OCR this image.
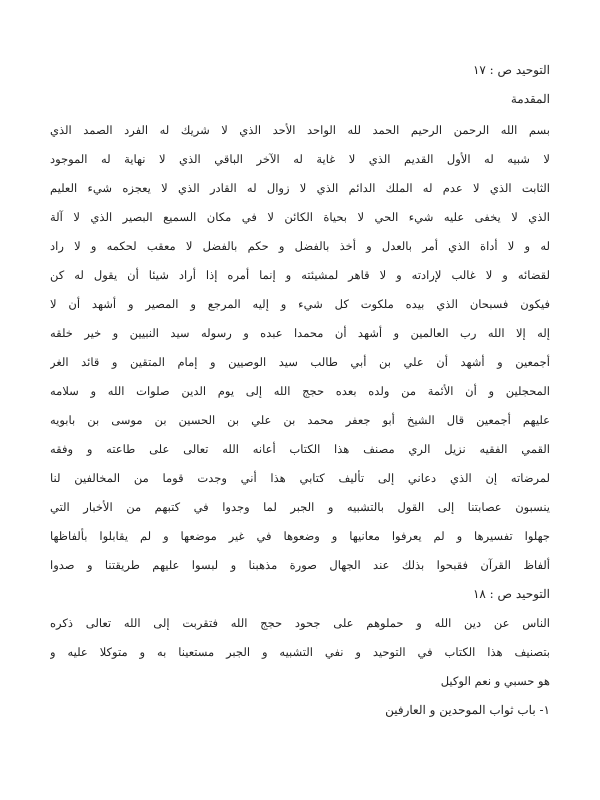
التوحيد ص : ١٧
المقدمة
بسم الله الرحمن الرحيم الحمد لله الواحد الأحد الذي لا شريك له الفرد الصمد الذي
لا شبيه له الأول القديم الذي لا غاية له الآخر الباقي الذي لا نهاية له الموجود
الثابت الذي لا عدم له الملك الدائم الذي لا زوال له القادر الذي لا يعجزه شيء العليم
الذي لا يخفى عليه شيء الحي لا بحياة الكائن لا في مكان السميع البصير الذي لا آلة
له و لا أداة الذي أمر بالعدل و أخذ بالفضل و حكم بالفضل لا معقب لحكمه و لا راد
لقضائه و لا غالب لإرادته و لا قاهر لمشيئته و إنما أمره إذا أراد شيئا أن يقول له كن
فيكون فسبحان الذي بيده ملكوت كل شيء و إليه المرجع و المصير و أشهد أن لا
إله إلا الله رب العالمين و أشهد أن محمدا عبده و رسوله سيد النبيين و خير خلقه
أجمعين و أشهد أن علي بن أبي طالب سيد الوصيين و إمام المتقين و قائد الغر
المحجلين و أن الأئمة من ولده بعده حجج الله إلى يوم الدين صلوات الله و سلامه
عليهم أجمعين قال الشيخ أبو جعفر محمد بن علي بن الحسين بن موسى بن بابويه
القمي الفقيه نزيل الري مصنف هذا الكتاب أعانه الله تعالى على طاعته و وفقه
لمرضاته إن الذي دعاني إلى تأليف كتابي هذا أني وجدت قوما من المخالفين لنا
ينسبون عصابتنا إلى القول بالتشبيه و الجبر لما وجدوا في كتبهم من الأخبار التي
جهلوا تفسيرها و لم يعرفوا معانيها و وضعوها في غير موضعها و لم يقابلوا بألفاظها
ألفاظ القرآن فقبحوا بذلك عند الجهال صورة مذهبنا و لبسوا عليهم طريقتنا و صدوا
التوحيد ص : ١٨
الناس عن دين الله و حملوهم على جحود حجج الله فتقربت إلى الله تعالى ذكره
بتصنيف هذا الكتاب في التوحيد و نفي التشبيه و الجبر مستعينا به و متوكلا عليه و
هو حسبي و نعم الوكيل
١- باب ثواب الموحدين و العارفين
